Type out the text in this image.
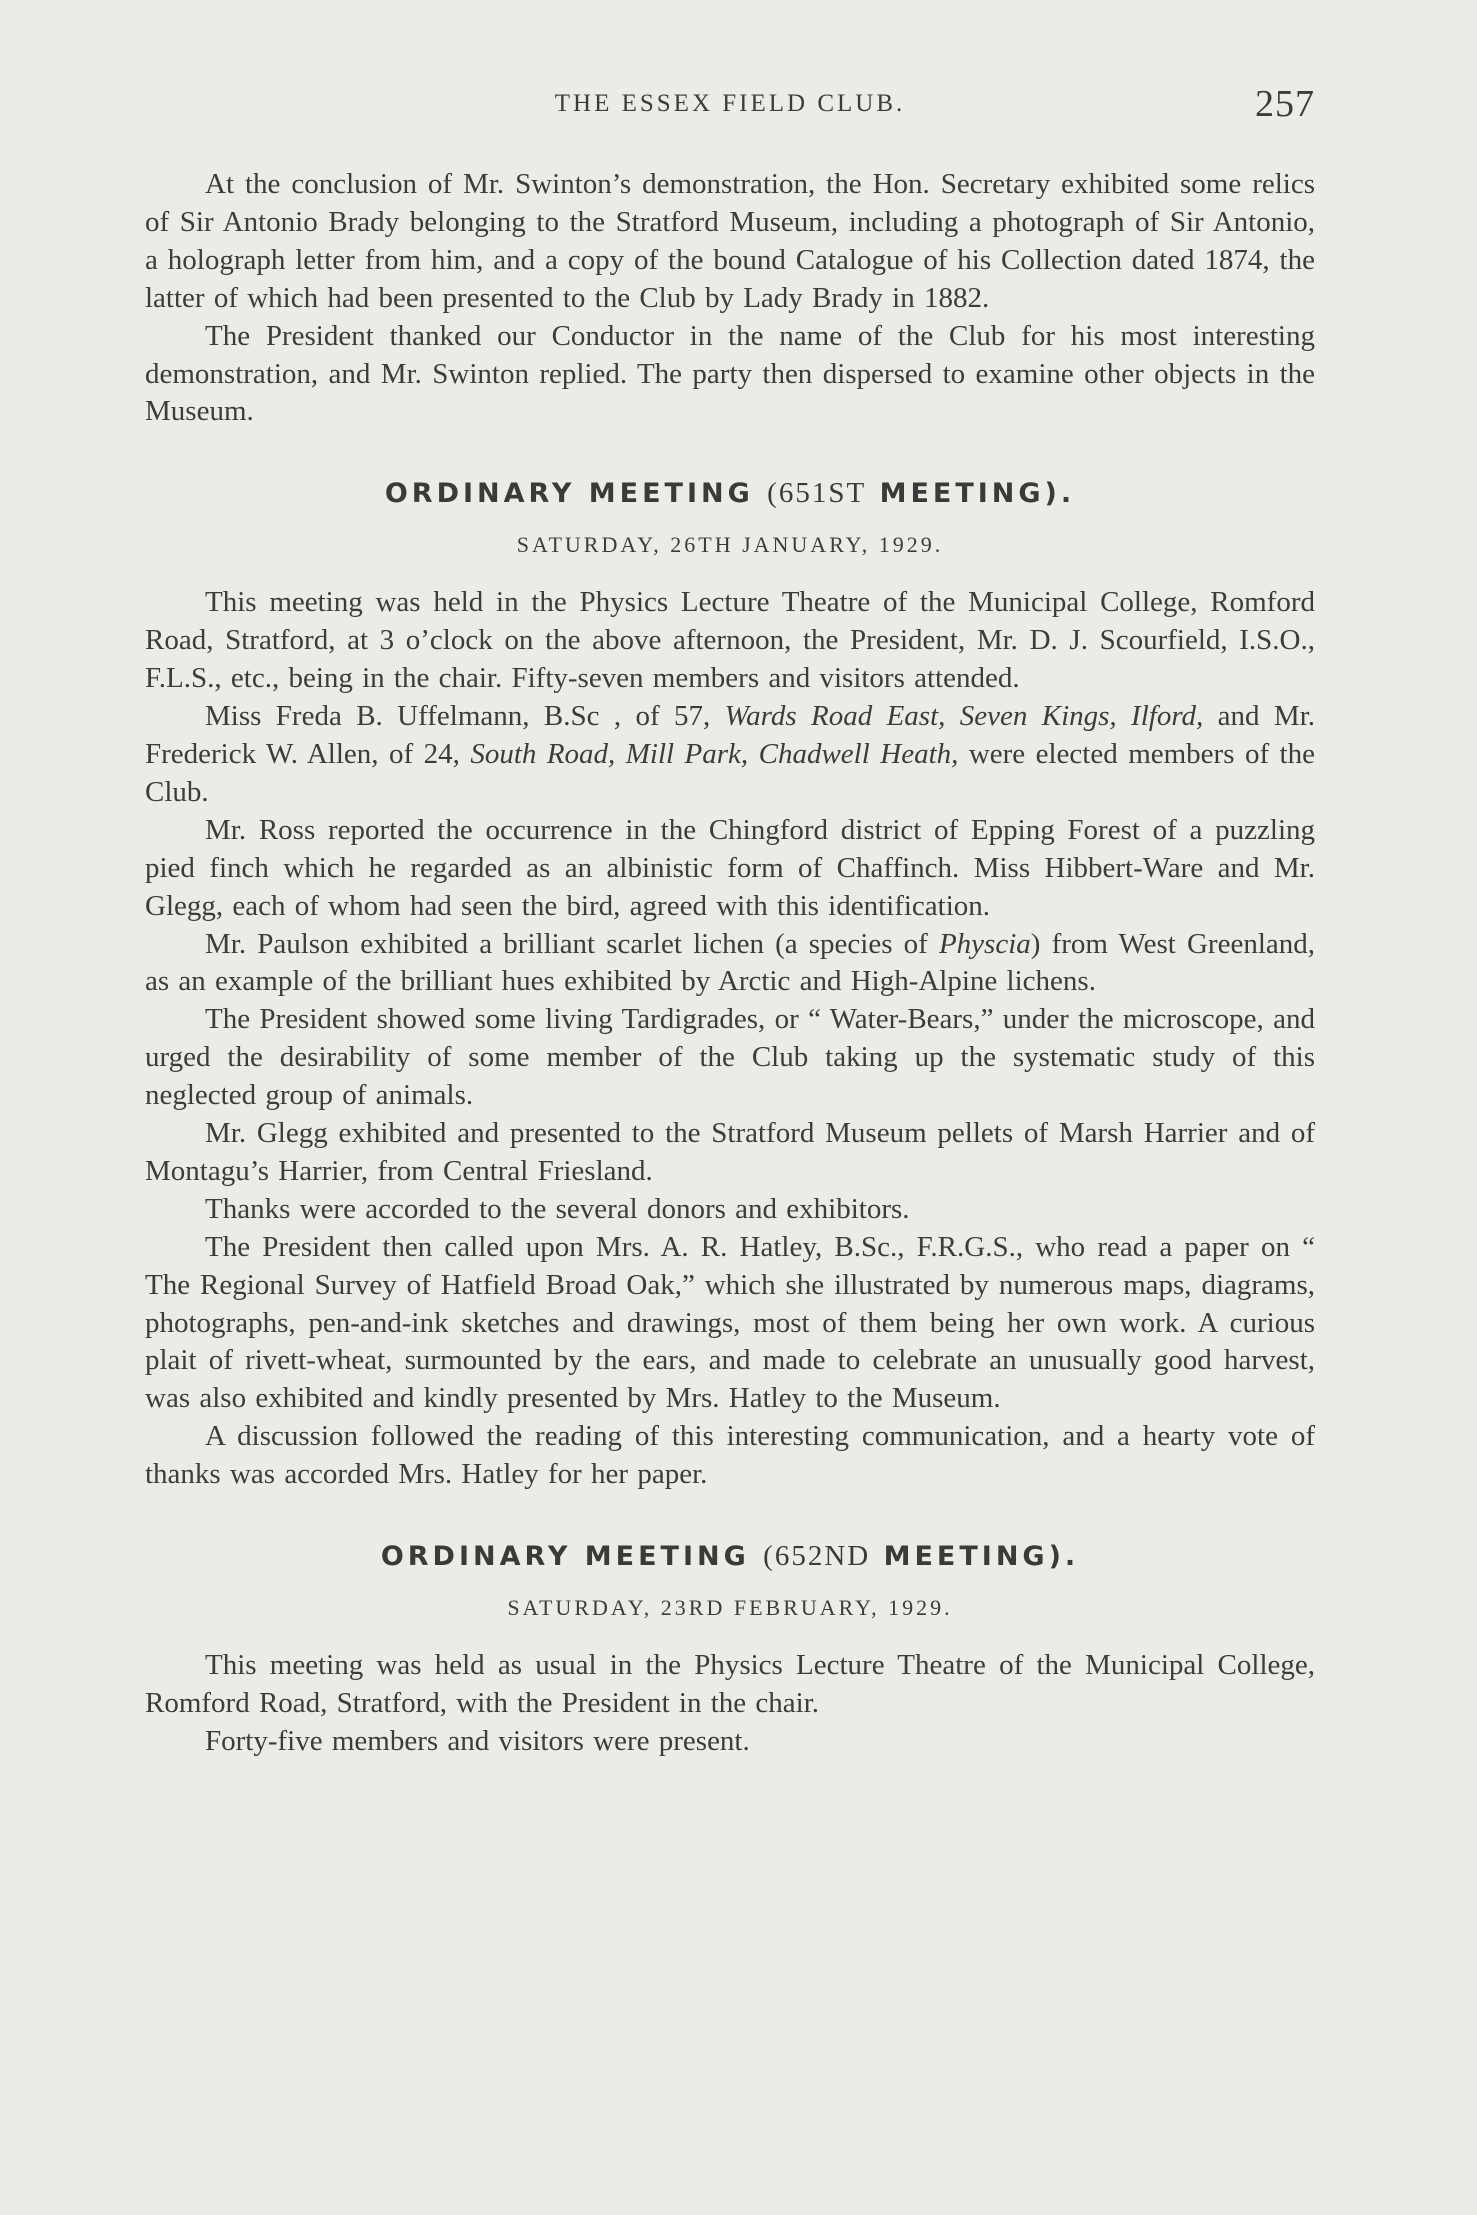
THE ESSEX FIELD CLUB.	257

At the conclusion of Mr. Swinton’s demonstration, the Hon. Secretary exhibited some relics of Sir Antonio Brady belonging to the Stratford Museum, including a photograph of Sir Antonio, a holograph letter from him, and a copy of the bound Catalogue of his Collection dated 1874, the latter of which had been presented to the Club by Lady Brady in 1882.

The President thanked our Conductor in the name of the Club for his most interesting demonstration, and Mr. Swinton replied. The party then dispersed to examine other objects in the Museum.

ORDINARY MEETING (651ST MEETING).
SATURDAY, 26TH JANUARY, 1929.

This meeting was held in the Physics Lecture Theatre of the Municipal College, Romford Road, Stratford, at 3 o’clock on the above afternoon, the President, Mr. D. J. Scourfield, I.S.O., F.L.S., etc., being in the chair. Fifty-seven members and visitors attended.

Miss Freda B. Uffelmann, B.Sc , of 57, Wards Road East, Seven Kings, Ilford, and Mr. Frederick W. Allen, of 24, South Road, Mill Park, Chadwell Heath, were elected members of the Club.

Mr. Ross reported the occurrence in the Chingford district of Epping Forest of a puzzling pied finch which he regarded as an albinistic form of Chaffinch. Miss Hibbert-Ware and Mr. Glegg, each of whom had seen the bird, agreed with this identification.

Mr. Paulson exhibited a brilliant scarlet lichen (a species of Physcia) from West Greenland, as an example of the brilliant hues exhibited by Arctic and High-Alpine lichens.

The President showed some living Tardigrades, or “ Water-Bears,” under the microscope, and urged the desirability of some member of the Club taking up the systematic study of this neglected group of animals.

Mr. Glegg exhibited and presented to the Stratford Museum pellets of Marsh Harrier and of Montagu’s Harrier, from Central Friesland.

Thanks were accorded to the several donors and exhibitors.

The President then called upon Mrs. A. R. Hatley, B.Sc., F.R.G.S., who read a paper on “ The Regional Survey of Hatfield Broad Oak,” which she illustrated by numerous maps, diagrams, photographs, pen-and-ink sketches and drawings, most of them being her own work. A curious plait of rivett-wheat, surmounted by the ears, and made to celebrate an unusually good harvest, was also exhibited and kindly presented by Mrs. Hatley to the Museum.

A discussion followed the reading of this interesting communication, and a hearty vote of thanks was accorded Mrs. Hatley for her paper.

ORDINARY MEETING (652ND MEETING).
SATURDAY, 23RD FEBRUARY, 1929.

This meeting was held as usual in the Physics Lecture Theatre of the Municipal College, Romford Road, Stratford, with the President in the chair.

Forty-five members and visitors were present.
